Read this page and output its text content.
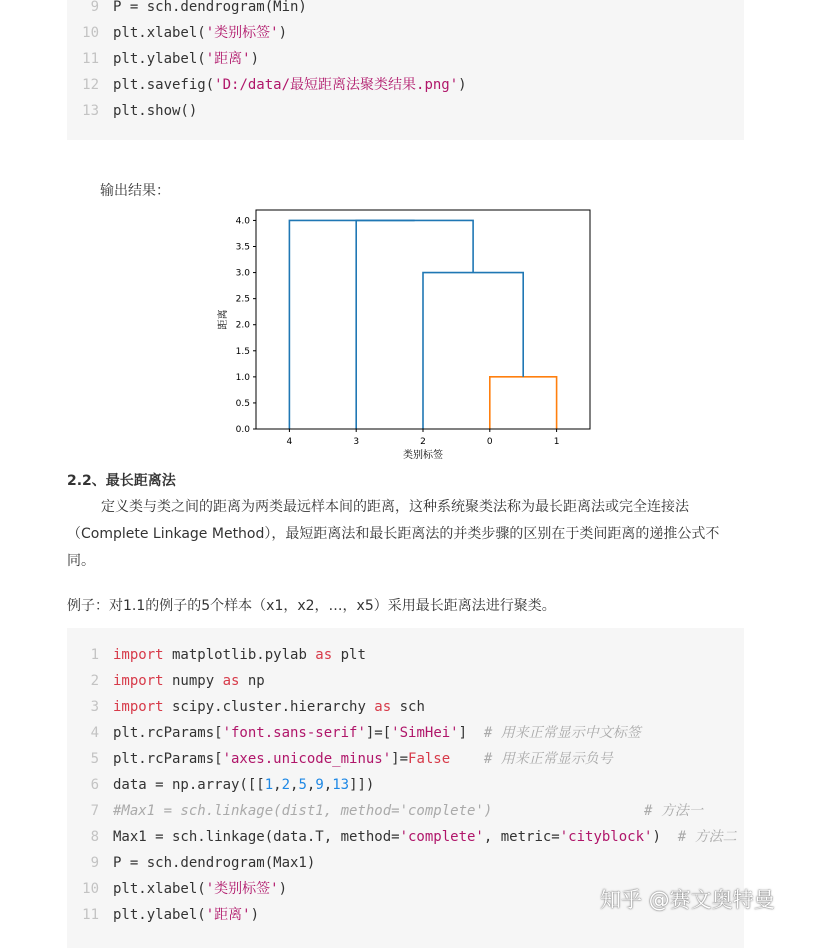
9 P = sch.dendrogram(Min)
10 plt.xlabel('类别标签')
11 plt.ylabel('距离')
12 plt.savefig('D:/data/最短距离法聚类结果.png')
13 plt.show()
输出结果：
0.0
0.5
1.0
1.5
2.0
2.5
3.0
3.5
4.0
4	3	2	0	1
类别标签
距离
2.2、最长距离法
定义类与类之间的距离为两类最远样本间的距离，这种系统聚类法称为最长距离法或完全连接法（Complete Linkage Method），最短距离法和最长距离法的并类步骤的区别在于类间距离的递推公式不同。
例子：对1.1的例子的5个样本（x1，x2，…，x5）采用最长距离法进行聚类。
1 import matplotlib.pylab as plt
2 import numpy as np
3 import scipy.cluster.hierarchy as sch
4 plt.rcParams['font.sans-serif']=['SimHei']  # 用来正常显示中文标签
5 plt.rcParams['axes.unicode_minus']=False # 用来正常显示负号
6 data = np.array([[1,2,5,9,13]])
7 #Max1 = sch.linkage(dist1, method='complete')                  # 方法一
8 Max1 = sch.linkage(data.T, method='complete', metric='cityblock')  # 方法二
9 P = sch.dendrogram(Max1)
10 plt.xlabel('类别标签')
11 plt.ylabel('距离')
知乎 @赛文奥特曼
